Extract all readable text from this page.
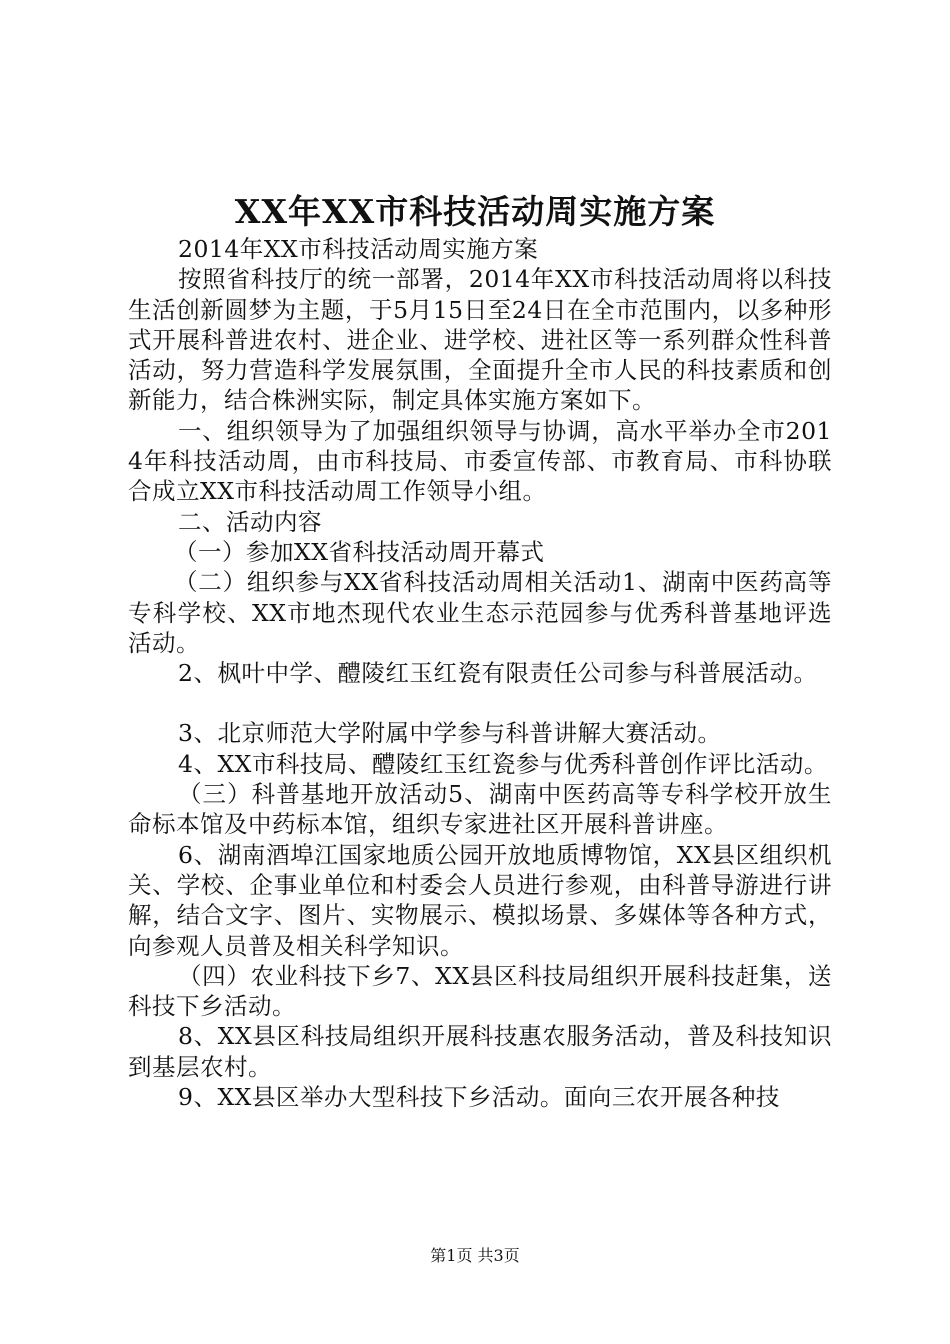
XX年XX市科技活动周实施方案

2014年XX市科技活动周实施方案

按照省科技厅的统一部署，2014年XX市科技活动周将以科技生活创新圆梦为主题，于5月15日至24日在全市范围内，以多种形式开展科普进农村、进企业、进学校、进社区等一系列群众性科普活动，努力营造科学发展氛围，全面提升全市人民的科技素质和创新能力，结合株洲实际，制定具体实施方案如下。

一、组织领导为了加强组织领导与协调，高水平举办全市2014年科技活动周，由市科技局、市委宣传部、市教育局、市科协联合成立XX市科技活动周工作领导小组。

二、活动内容

（一）参加XX省科技活动周开幕式

（二）组织参与XX省科技活动周相关活动1、湖南中医药高等专科学校、XX市地杰现代农业生态示范园参与优秀科普基地评选活动。

2、枫叶中学、醴陵红玉红瓷有限责任公司参与科普展活动。

3、北京师范大学附属中学参与科普讲解大赛活动。

4、XX市科技局、醴陵红玉红瓷参与优秀科普创作评比活动。

（三）科普基地开放活动5、湖南中医药高等专科学校开放生命标本馆及中药标本馆，组织专家进社区开展科普讲座。

6、湖南酒埠江国家地质公园开放地质博物馆，XX县区组织机关、学校、企事业单位和村委会人员进行参观，由科普导游进行讲解，结合文字、图片、实物展示、模拟场景、多媒体等各种方式，向参观人员普及相关科学知识。

（四）农业科技下乡7、XX县区科技局组织开展科技赶集，送科技下乡活动。

8、XX县区科技局组织开展科技惠农服务活动，普及科技知识到基层农村。

9、XX县区举办大型科技下乡活动。面向三农开展各种技

第1页 共3页
